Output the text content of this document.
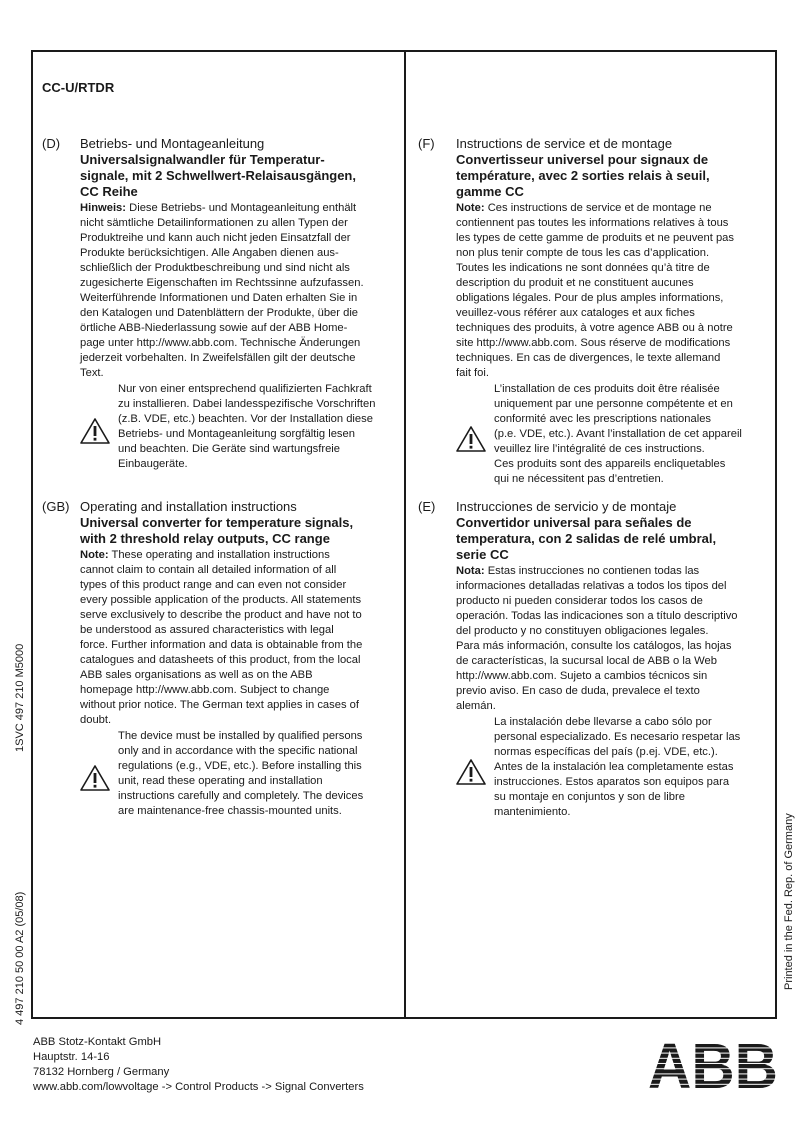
CC-U/RTDR
(D) Betriebs- und Montageanleitung
Universalsignalwandler für Temperatur-
signale, mit 2 Schwellwert-Relaisausgängen,
CC Reihe
Hinweis: Diese Betriebs- und Montageanleitung enthält
nicht sämtliche Detailinformationen zu allen Typen der
Produktreihe und kann auch nicht jeden Einsatzfall der
Produkte berücksichtigen. Alle Angaben dienen aus-
schließlich der Produktbeschreibung und sind nicht als
zugesicherte Eigenschaften im Rechtssinne aufzufassen.
Weiterführende Informationen und Daten erhalten Sie in
den Katalogen und Datenblättern der Produkte, über die
örtliche ABB-Niederlassung sowie auf der ABB Home-
page unter http://www.abb.com. Technische Änderungen
jederzeit vorbehalten. In Zweifelsfällen gilt der deutsche
Text.
Nur von einer entsprechend qualifizierten Fachkraft
zu installieren. Dabei landesspezifische Vorschriften
(z.B. VDE, etc.) beachten. Vor der Installation diese
Betriebs- und Montageanleitung sorgfältig lesen
und beachten. Die Geräte sind wartungsfreie
Einbaugeräte.
(GB) Operating and installation instructions
Universal converter for temperature signals,
with 2 threshold relay outputs, CC range
Note: These operating and installation instructions
cannot claim to contain all detailed information of all
types of this product range and can even not consider
every possible application of the products. All statements
serve exclusively to describe the product and have not to
be understood as assured characteristics with legal
force. Further information and data is obtainable from the
catalogues and datasheets of this product, from the local
ABB sales organisations as well as on the ABB
homepage http://www.abb.com. Subject to change
without prior notice. The German text applies in cases of
doubt.
The device must be installed by qualified persons
only and in accordance with the specific national
regulations (e.g., VDE, etc.). Before installing this
unit, read these operating and installation
instructions carefully and completely. The devices
are maintenance-free chassis-mounted units.
(F) Instructions de service et de montage
Convertisseur universel pour signaux de
température, avec 2 sorties relais à seuil,
gamme CC
Note: Ces instructions de service et de montage ne
contiennent pas toutes les informations relatives à tous
les types de cette gamme de produits et ne peuvent pas
non plus tenir compte de tous les cas d’application.
Toutes les indications ne sont données qu’à titre de
description du produit et ne constituent aucunes
obligations légales. Pour de plus amples informations,
veuillez-vous référer aux cataloges et aux fiches
techniques des produits, à votre agence ABB ou à notre
site http://www.abb.com. Sous réserve de modifications
techniques. En cas de divergences, le texte allemand
fait foi.
L’installation de ces produits doit être réalisée
uniquement par une personne compétente et en
conformité avec les prescriptions nationales
(p.e. VDE, etc.). Avant l’installation de cet appareil
veuillez lire l’intégralité de ces instructions.
Ces produits sont des appareils encliquetables
qui ne nécessitent pas d’entretien.
(E) Instrucciones de servicio y de montaje
Convertidor universal para señales de
temperatura, con 2 salidas de relé umbral,
serie CC
Nota: Estas instrucciones no contienen todas las
informaciones detalladas relativas a todos los tipos del
producto ni pueden considerar todos los casos de
operación. Todas las indicaciones son a título descriptivo
del producto y no constituyen obligaciones legales.
Para más información, consulte los catálogos, las hojas
de características, la sucursal local de ABB o la Web
http://www.abb.com. Sujeto a cambios técnicos sin
previo aviso. En caso de duda, prevalece el texto
alemán.
La instalación debe llevarse a cabo sólo por
personal especializado. Es necesario respetar las
normas específicas del país (p.ej. VDE, etc.).
Antes de la instalación lea completamente estas
instrucciones. Estos aparatos son equipos para
su montaje en conjuntos y son de libre
mantenimiento.
1SVC 497 210 M5000
4 497 210 50 00 A2 (05/08)	Printed in the Fed. Rep. of Germany
ABB Stotz-Kontakt GmbH
Hauptstr. 14-16
78132 Hornberg / Germany
www.abb.com/lowvoltage -> Control Products -> Signal Converters	ABB
